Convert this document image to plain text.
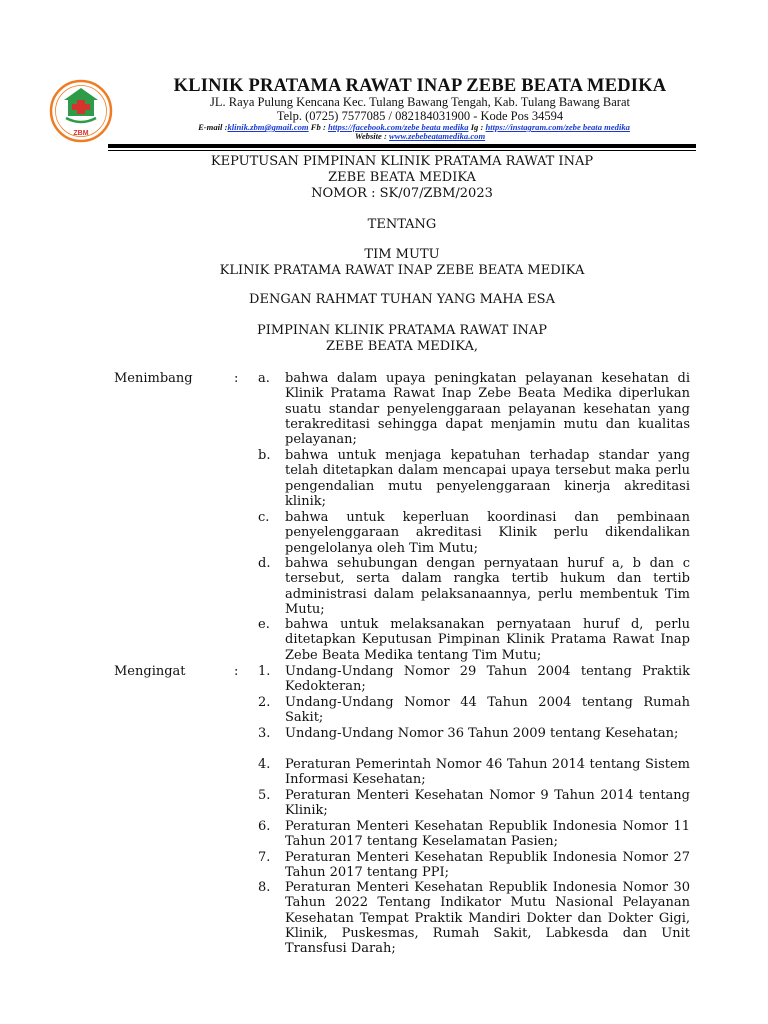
ZBM
KLINIK PRATAMA RAWAT INAP ZEBE BEATA MEDIKA
JL. Raya Pulung Kencana Kec. Tulang Bawang Tengah, Kab. Tulang Bawang Barat
Telp. (0725) 7577085 / 082184031900 - Kode Pos 34594
E-mail :klinik.zbm@gmail.com Fb : https://facebook.com/zebe beata medika Ig : https://instagram.com/zebe beata medika
Website : www.zebebeatamedika.com
KEPUTUSAN PIMPINAN KLINIK PRATAMA RAWAT INAP
ZEBE BEATA MEDIKA
NOMOR : SK/07/ZBM/2023
TENTANG
TIM MUTU
KLINIK PRATAMA RAWAT INAP ZEBE BEATA MEDIKA
DENGAN RAHMAT TUHAN YANG MAHA ESA
PIMPINAN KLINIK PRATAMA RAWAT INAP
ZEBE BEATA MEDIKA,
Menimbang	: a.	bahwa dalam upaya peningkatan pelayanan kesehatan di Klinik Pratama Rawat Inap Zebe Beata Medika diperlukan suatu standar penyelenggaraan pelayanan kesehatan yang terakreditasi sehingga dapat menjamin mutu dan kualitas pelayanan;
b.	bahwa untuk menjaga kepatuhan terhadap standar yang telah ditetapkan dalam mencapai upaya tersebut maka perlu pengendalian mutu penyelenggaraan kinerja akreditasi klinik;
c.	bahwa untuk keperluan koordinasi dan pembinaan penyelenggaraan akreditasi Klinik perlu dikendalikan pengelolanya oleh Tim Mutu;
d.	bahwa sehubungan dengan pernyataan huruf a, b dan c tersebut, serta dalam rangka tertib hukum dan tertib administrasi dalam pelaksanaannya, perlu membentuk Tim Mutu;
e.	bahwa untuk melaksanakan pernyataan huruf d, perlu ditetapkan Keputusan Pimpinan Klinik Pratama Rawat Inap Zebe Beata Medika tentang Tim Mutu;
Mengingat	: 1.	Undang-Undang Nomor 29 Tahun 2004 tentang Praktik Kedokteran;
2.	Undang-Undang Nomor 44 Tahun 2004 tentang Rumah Sakit;
3.	Undang-Undang Nomor 36 Tahun 2009 tentang Kesehatan;
4.	Peraturan Pemerintah Nomor 46 Tahun 2014 tentang Sistem Informasi Kesehatan;
5.	Peraturan Menteri Kesehatan Nomor 9 Tahun 2014 tentang Klinik;
6.	Peraturan Menteri Kesehatan Republik Indonesia Nomor 11 Tahun 2017 tentang Keselamatan Pasien;
7.	Peraturan Menteri Kesehatan Republik Indonesia Nomor 27 Tahun 2017 tentang PPI;
8.	Peraturan Menteri Kesehatan Republik Indonesia Nomor 30 Tahun 2022 Tentang Indikator Mutu Nasional Pelayanan Kesehatan Tempat Praktik Mandiri Dokter dan Dokter Gigi, Klinik, Puskesmas, Rumah Sakit, Labkesda dan Unit Transfusi Darah;
